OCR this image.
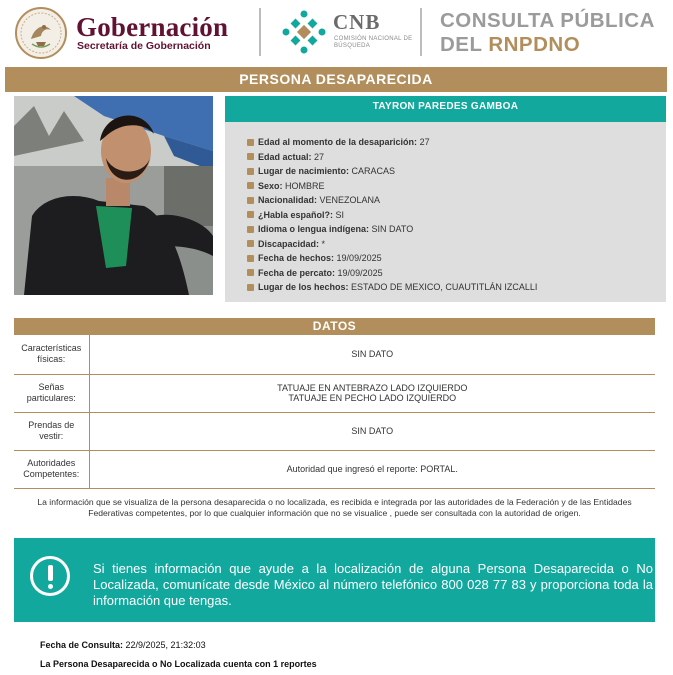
Gobernación
Secretaría de Gobernación
CNB
COMISIÓN NACIONAL DE BÚSQUEDA
CONSULTA PÚBLICA
DEL RNPDNO
PERSONA DESAPARECIDA
TAYRON PAREDES GAMBOA
Edad al momento de la desaparición: 27
Edad actual: 27
Lugar de nacimiento: CARACAS
Sexo: HOMBRE
Nacionalidad: VENEZOLANA
¿Habla español?: SI
Idioma o lengua indígena: SIN DATO
Discapacidad: *
Fecha de hechos: 19/09/2025
Fecha de percato: 19/09/2025
Lugar de los hechos: ESTADO DE MEXICO, CUAUTITLÁN IZCALLI
DATOS
Características físicas:	SIN DATO

Señas particulares:	TATUAJE EN ANTEBRAZO LADO IZQUIERDO
TATUAJE EN PECHO LADO IZQUIERDO

Prendas de vestir:	SIN DATO

Autoridades Competentes:	Autoridad que ingresó el reporte: PORTAL.
La información que se visualiza de la persona desaparecida o no localizada, es recibida e integrada por las autoridades de la Federación y de las Entidades Federativas competentes, por lo que cualquier información que no se visualice , puede ser consultada con la autoridad de origen.
Si tienes información que ayude a la localización de alguna Persona Desaparecida o No Localizada, comunícate desde México al número telefónico 800 028 77 83 y proporciona toda la información que tengas.
Fecha de Consulta: 22/9/2025, 21:32:03
La Persona Desaparecida o No Localizada cuenta con 1 reportes
